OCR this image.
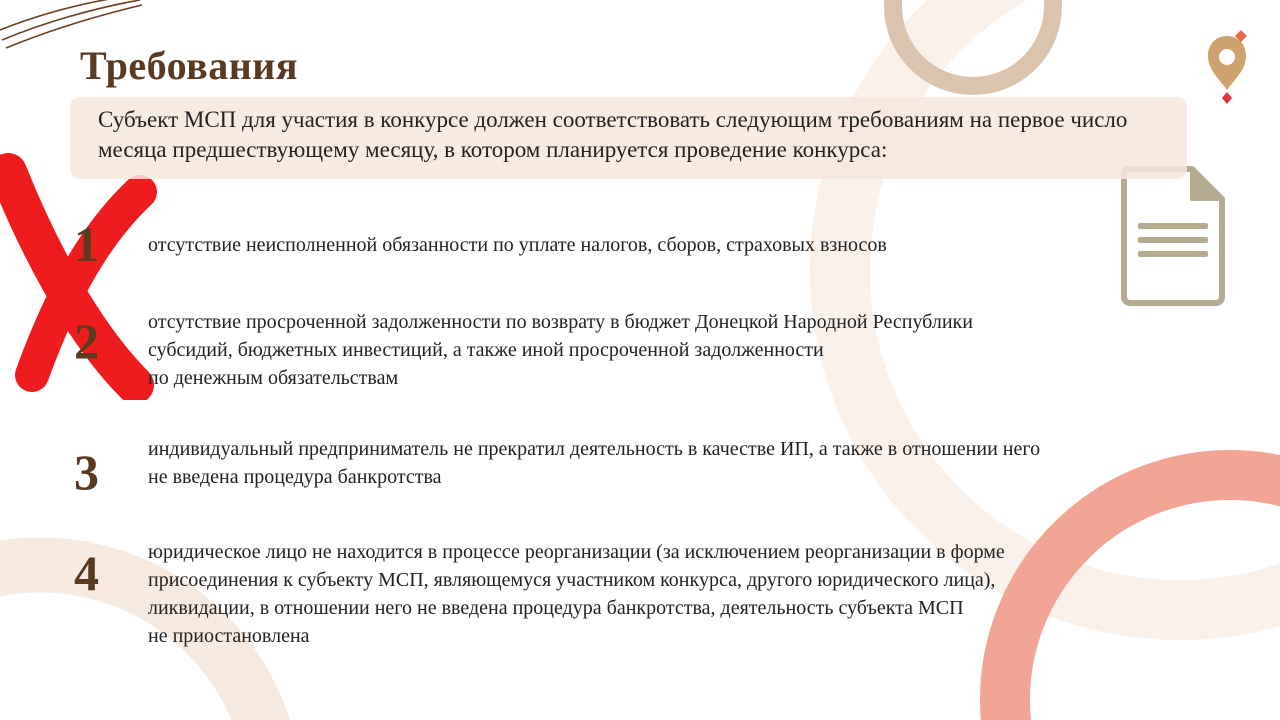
Требования

Субъект МСП для участия в конкурсе должен соответствовать следующим требованиям на первое число месяца предшествующему месяцу, в котором планируется проведение конкурса:

1	отсутствие неисполненной обязанности по уплате налогов, сборов, страховых взносов

2	отсутствие просроченной задолженности по возврату в бюджет Донецкой Народной Республики
субсидий, бюджетных инвестиций, а также иной просроченной задолженности
по денежным обязательствам

3	индивидуальный предприниматель не прекратил деятельность в качестве ИП, а также в отношении него
не введена процедура банкротства

4	юридическое лицо не находится в процессе реорганизации (за исключением реорганизации в форме
присоединения к субъекту МСП, являющемуся участником конкурса, другого юридического лица),
ликвидации, в отношении него не введена процедура банкротства, деятельность субъекта МСП
не приостановлена
